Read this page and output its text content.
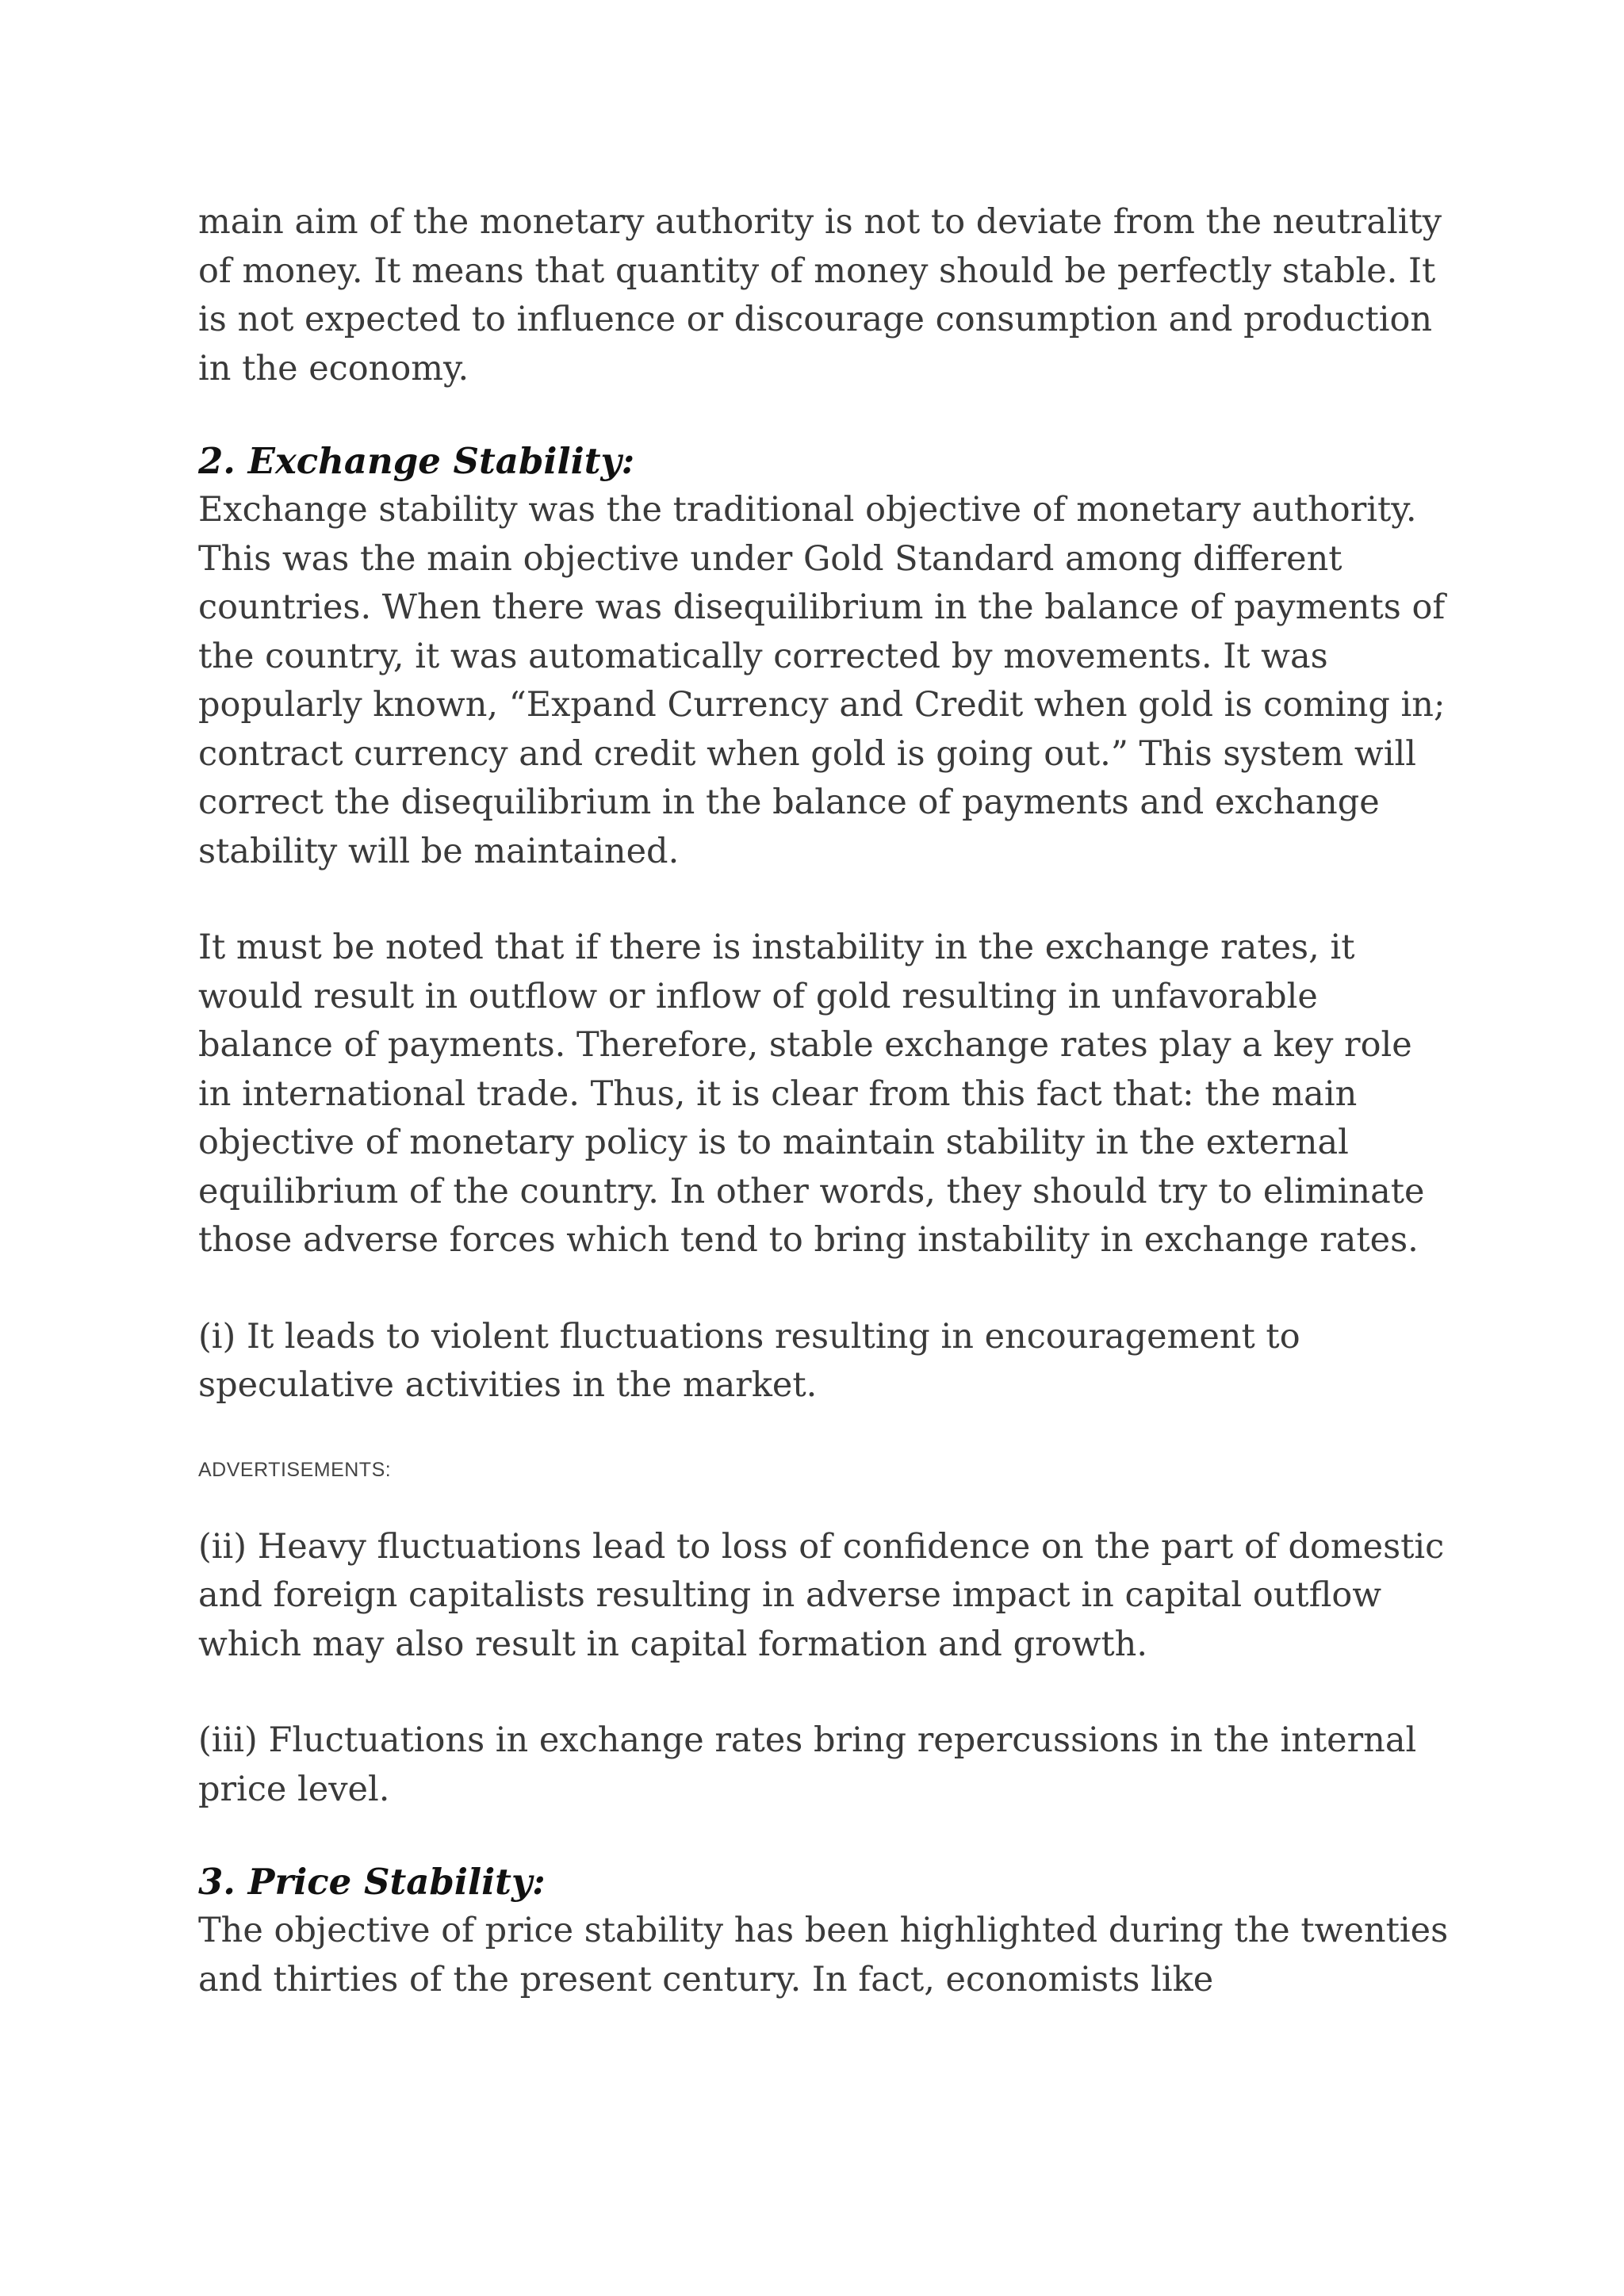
main aim of the monetary authority is not to deviate from the neutrality of money. It means that quantity of money should be perfectly stable. It is not expected to influence or discourage consumption and production in the economy.

2. Exchange Stability:

Exchange stability was the traditional objective of monetary authority. This was the main objective under Gold Standard among different countries. When there was disequilibrium in the balance of payments of the country, it was automatically corrected by movements. It was popularly known, “Expand Currency and Credit when gold is coming in; contract currency and credit when gold is going out.” This system will correct the disequilibrium in the balance of payments and exchange stability will be maintained.

It must be noted that if there is instability in the exchange rates, it would result in outflow or inflow of gold resulting in unfavorable balance of payments. Therefore, stable exchange rates play a key role in international trade. Thus, it is clear from this fact that: the main objective of monetary policy is to maintain stability in the external equilibrium of the country. In other words, they should try to eliminate those adverse forces which tend to bring instability in exchange rates.

(i) It leads to violent fluctuations resulting in encouragement to speculative activities in the market.

ADVERTISEMENTS:

(ii) Heavy fluctuations lead to loss of confidence on the part of domestic and foreign capitalists resulting in adverse impact in capital outflow which may also result in capital formation and growth.

(iii) Fluctuations in exchange rates bring repercussions in the internal price level.

3. Price Stability:

The objective of price stability has been highlighted during the twenties and thirties of the present century. In fact, economists like
